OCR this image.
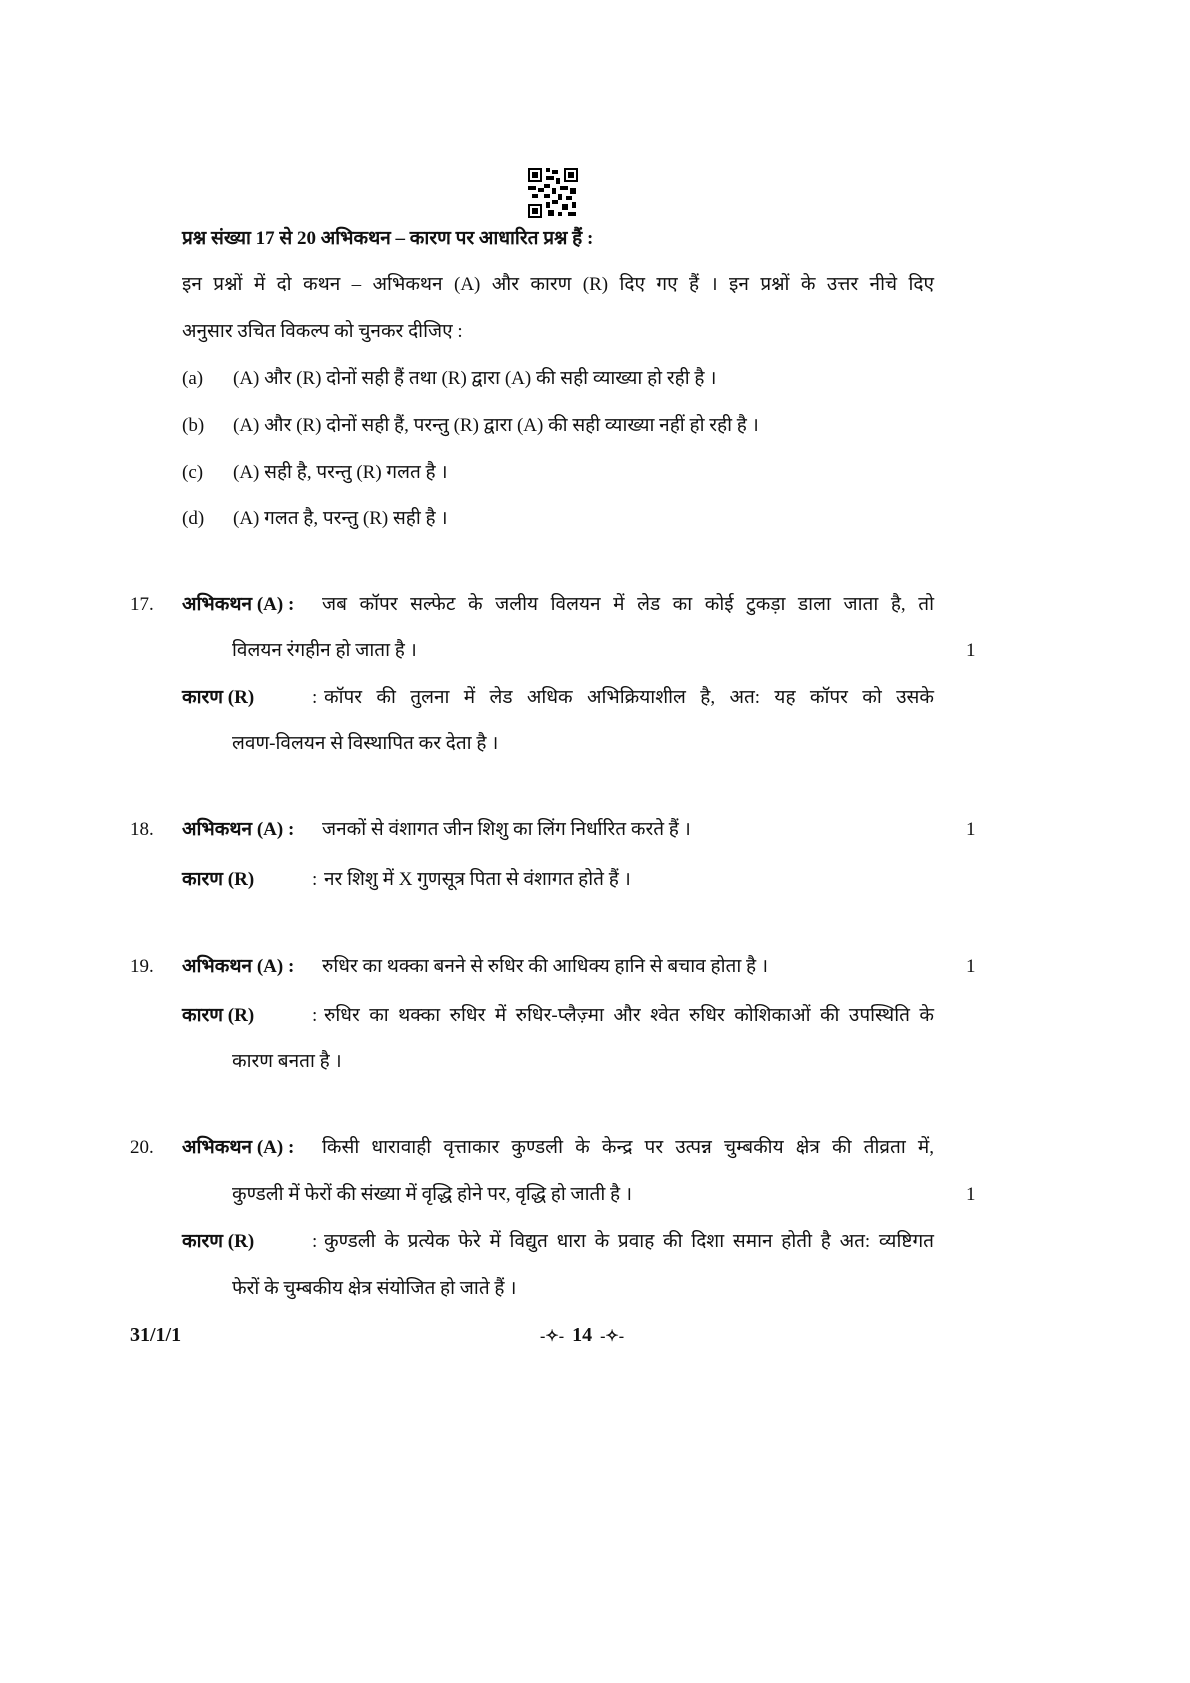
प्रश्न संख्या 17 से 20 अभिकथन – कारण पर आधारित प्रश्न हैं :
इन प्रश्नों में दो कथन – अभिकथन (A) और कारण (R) दिए गए हैं । इन प्रश्नों के उत्तर नीचे दिए
अनुसार उचित विकल्प को चुनकर दीजिए :
(a) (A) और (R) दोनों सही हैं तथा (R) द्वारा (A) की सही व्याख्या हो रही है ।
(b) (A) और (R) दोनों सही हैं, परन्तु (R) द्वारा (A) की सही व्याख्या नहीं हो रही है ।
(c) (A) सही है, परन्तु (R) गलत है ।
(d) (A) गलत है, परन्तु (R) सही है ।
17. अभिकथन (A) : जब कॉपर सल्फेट के जलीय विलयन में लेड का कोई टुकड़ा डाला जाता है, तो
विलयन रंगहीन हो जाता है ।	1
कारण (R)	: कॉपर की तुलना में लेड अधिक अभिक्रियाशील है, अत: यह कॉपर को उसके
लवण-विलयन से विस्थापित कर देता है ।
18. अभिकथन (A) : जनकों से वंशागत जीन शिशु का लिंग निर्धारित करते हैं ।	1
कारण (R)	: नर शिशु में X गुणसूत्र पिता से वंशागत होते हैं ।
19. अभिकथन (A) : रुधिर का थक्का बनने से रुधिर की आधिक्य हानि से बचाव होता है ।	1
कारण (R)	: रुधिर का थक्का रुधिर में रुधिर-प्लैज़्मा और श्वेत रुधिर कोशिकाओं की उपस्थिति के
कारण बनता है ।
20. अभिकथन (A) : किसी धारावाही वृत्ताकार कुण्डली के केन्द्र पर उत्पन्न चुम्बकीय क्षेत्र की तीव्रता में,
कुण्डली में फेरों की संख्या में वृद्धि होने पर, वृद्धि हो जाती है ।	1
कारण (R)	: कुण्डली के प्रत्येक फेरे में विद्युत धारा के प्रवाह की दिशा समान होती है अत: व्यष्टिगत
फेरों के चुम्बकीय क्षेत्र संयोजित हो जाते हैं ।
31/1/1	-✧- 14 -✧-
